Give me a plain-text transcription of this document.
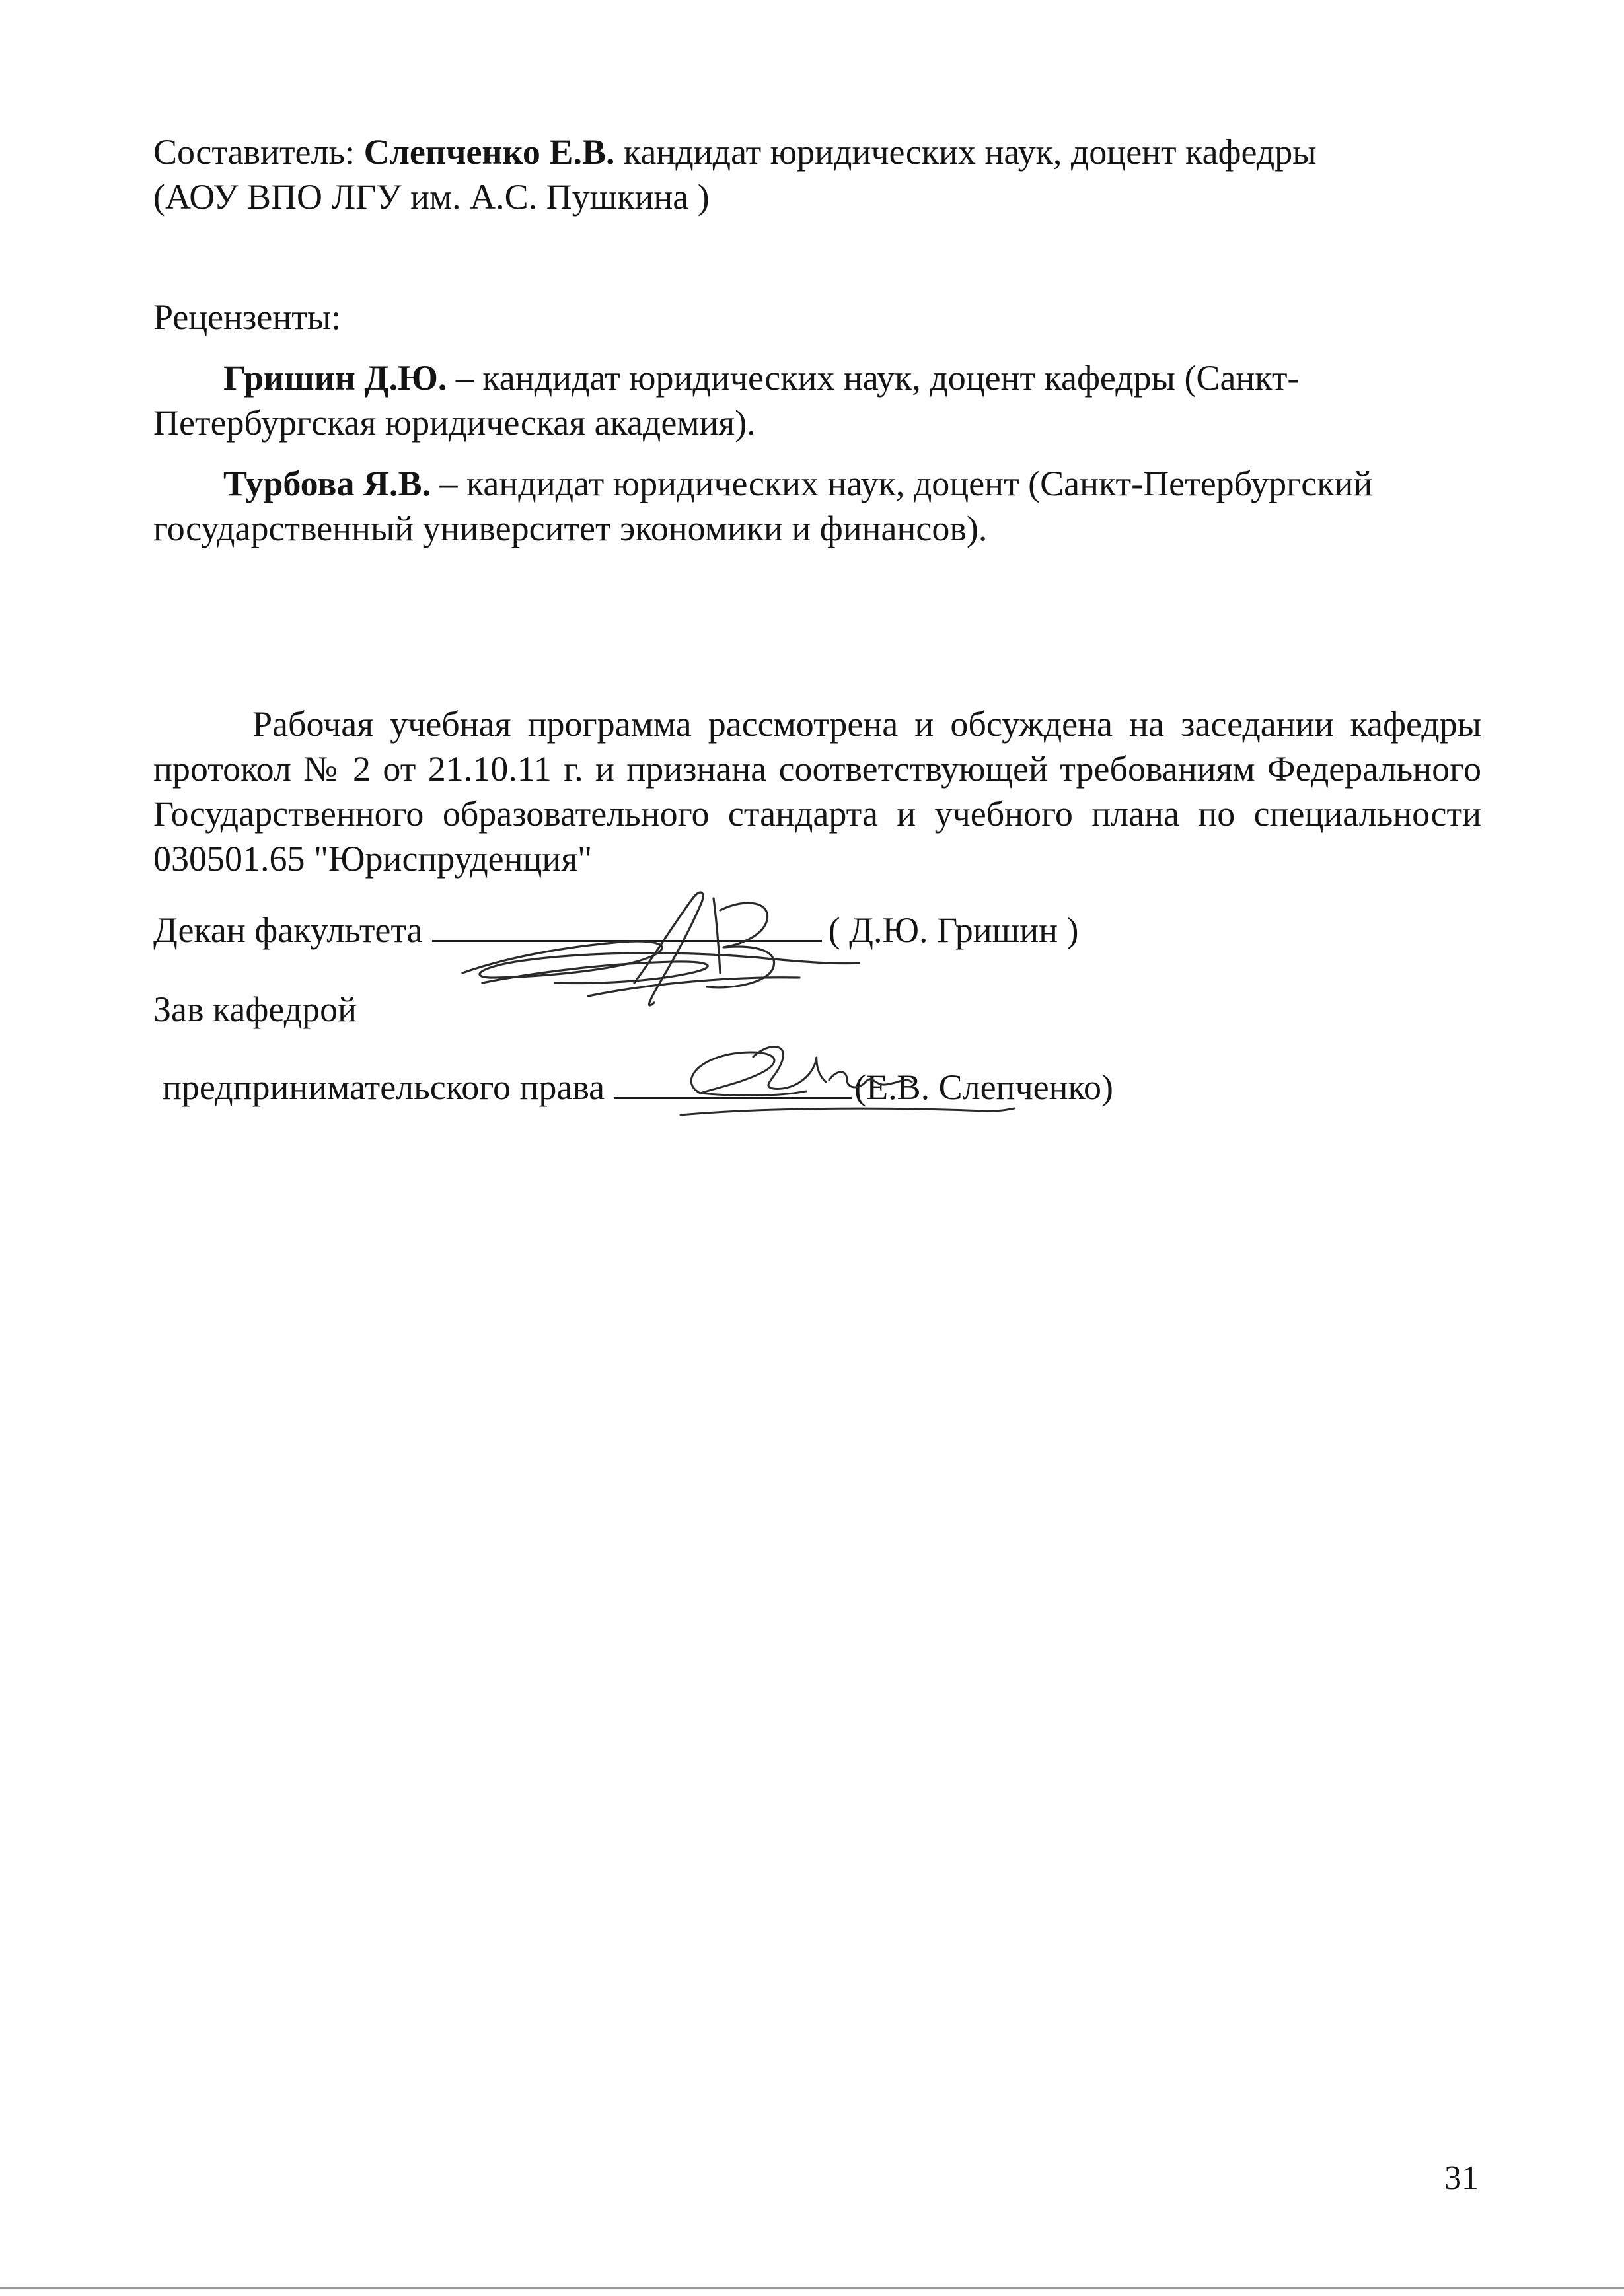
Составитель: Слепченко Е.В. кандидат юридических наук, доцент кафедры
(АОУ ВПО ЛГУ им. А.С. Пушкина )
Рецензенты:
Гришин Д.Ю. – кандидат юридических наук, доцент кафедры (Санкт-Петербургская юридическая академия).
Турбова Я.В. – кандидат юридических наук, доцент (Санкт-Петербургский государственный университет экономики и финансов).
Рабочая учебная программа рассмотрена и обсуждена на заседании кафедры протокол № 2 от 21.10.11 г. и признана соответствующей требованиям Федерального Государственного образовательного стандарта и учебного плана по специальности 030501.65 "Юриспруденция"
Декан факультета	( Д.Ю. Гришин )
Зав кафедрой
предпринимательского права	(Е.В. Слепченко)
31
